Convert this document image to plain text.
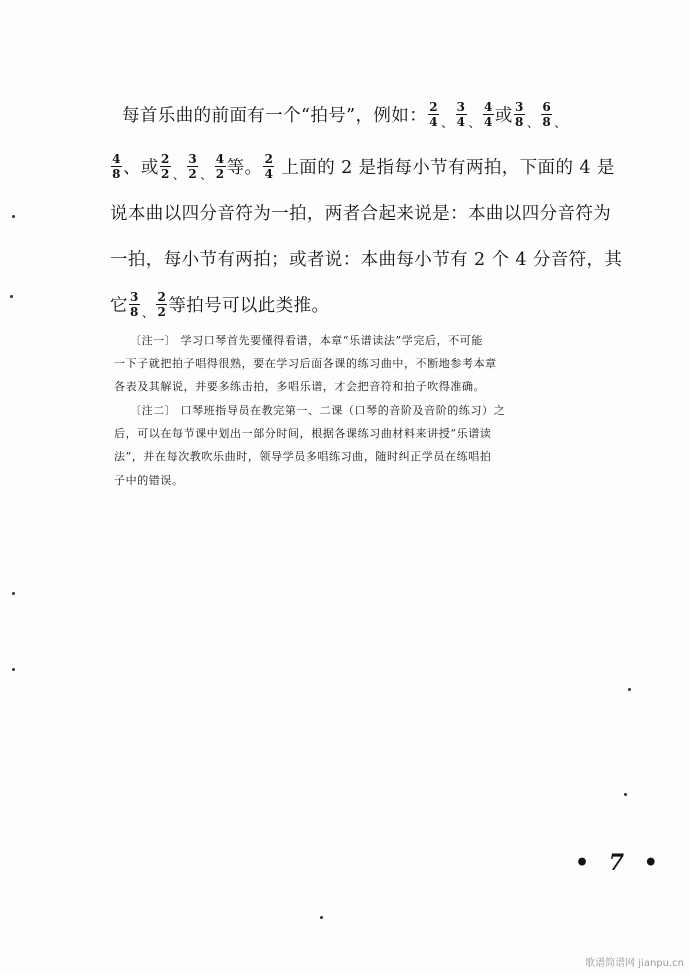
每首乐曲的前面有一个“拍号”，例如： $\frac{2}{4} _、 \frac{3}{4} _、 \frac{4}{4}$ 或 $\frac{3}{8} _、 \frac{6}{8} _、$
$\frac{4}{8}$ 、或 $\frac{2}{2} _、 \frac{3}{2} _、 \frac{4}{2}$ 等。 $\frac{2}{4}$ 上面的 2 是指每小节有两拍，下面的 4 是
说本曲以四分音符为一拍，两者合起来说是：本曲以四分音符为
一拍，每小节有两拍；或者说：本曲每小节有 2 个 4 分音符，其
它 $\frac{3}{8} _、 \frac{2}{2}$ 等拍号可以此类推。
〔注一〕 学习口琴首先要懂得看谱，本章“乐谱读法”学完后，不可能
一下子就把拍子唱得很熟，要在学习后面各课的练习曲中，不断地参考本章
各表及其解说，并要多练击拍，多唱乐谱，才会把音符和拍子吹得准确。
〔注二〕 口琴班指导员在教完第一、二课（口琴的音阶及音阶的练习）之
后，可以在每节课中划出一部分时间，根据各课练习曲材料来讲授“乐谱读
法”，并在每次教吹乐曲时，领导学员多唱练习曲，随时纠正学员在练唱拍
子中的错误。
• 7 •
歌谱简谱网 jianpu.cn
